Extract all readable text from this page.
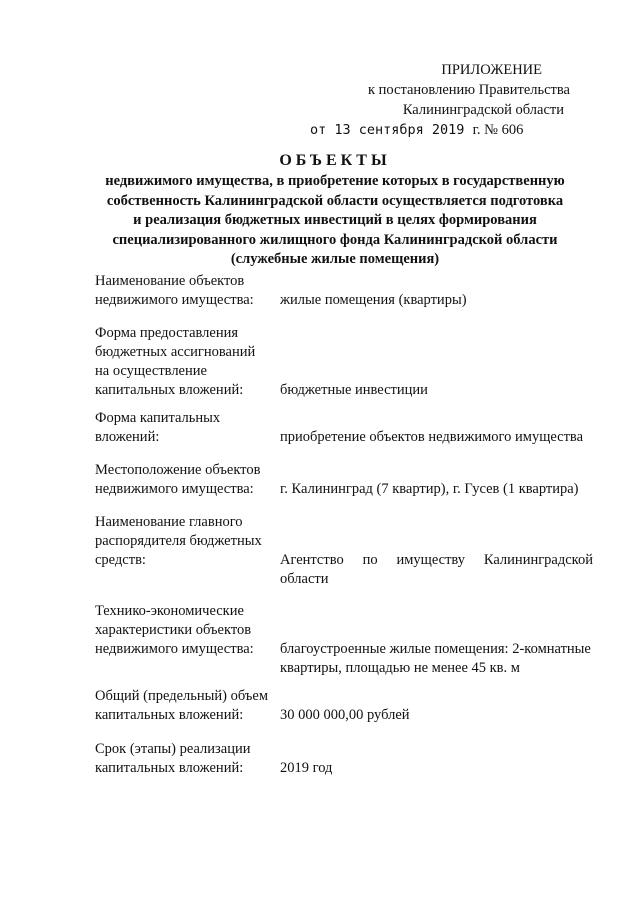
ПРИЛОЖЕНИЕ
к постановлению Правительства
Калининградской области
от 13 сентября 2019 г. № 606
ОБЪЕКТЫ
недвижимого имущества, в приобретение которых в государственную
собственность Калининградской области осуществляется подготовка
и реализация бюджетных инвестиций в целях формирования
специализированного жилищного фонда Калининградской области
(служебные жилые помещения)
Наименование объектов
недвижимого имущества:	жилые помещения (квартиры)
Форма предоставления
бюджетных ассигнований
на осуществление
капитальных вложений:	бюджетные инвестиции
Форма капитальных
вложений:	приобретение объектов недвижимого имущества
Местоположение объектов
недвижимого имущества:	г. Калининград (7 квартир), г. Гусев (1 квартира)
Наименование главного
распорядителя бюджетных
средств:	Агентство по имуществу Калининградской
области
Технико-экономические
характеристики объектов
недвижимого имущества:	благоустроенные жилые помещения: 2-комнатные
квартиры, площадью не менее 45 кв. м
Общий (предельный) объем
капитальных вложений:	30 000 000,00 рублей
Срок (этапы) реализации
капитальных вложений:	2019 год
